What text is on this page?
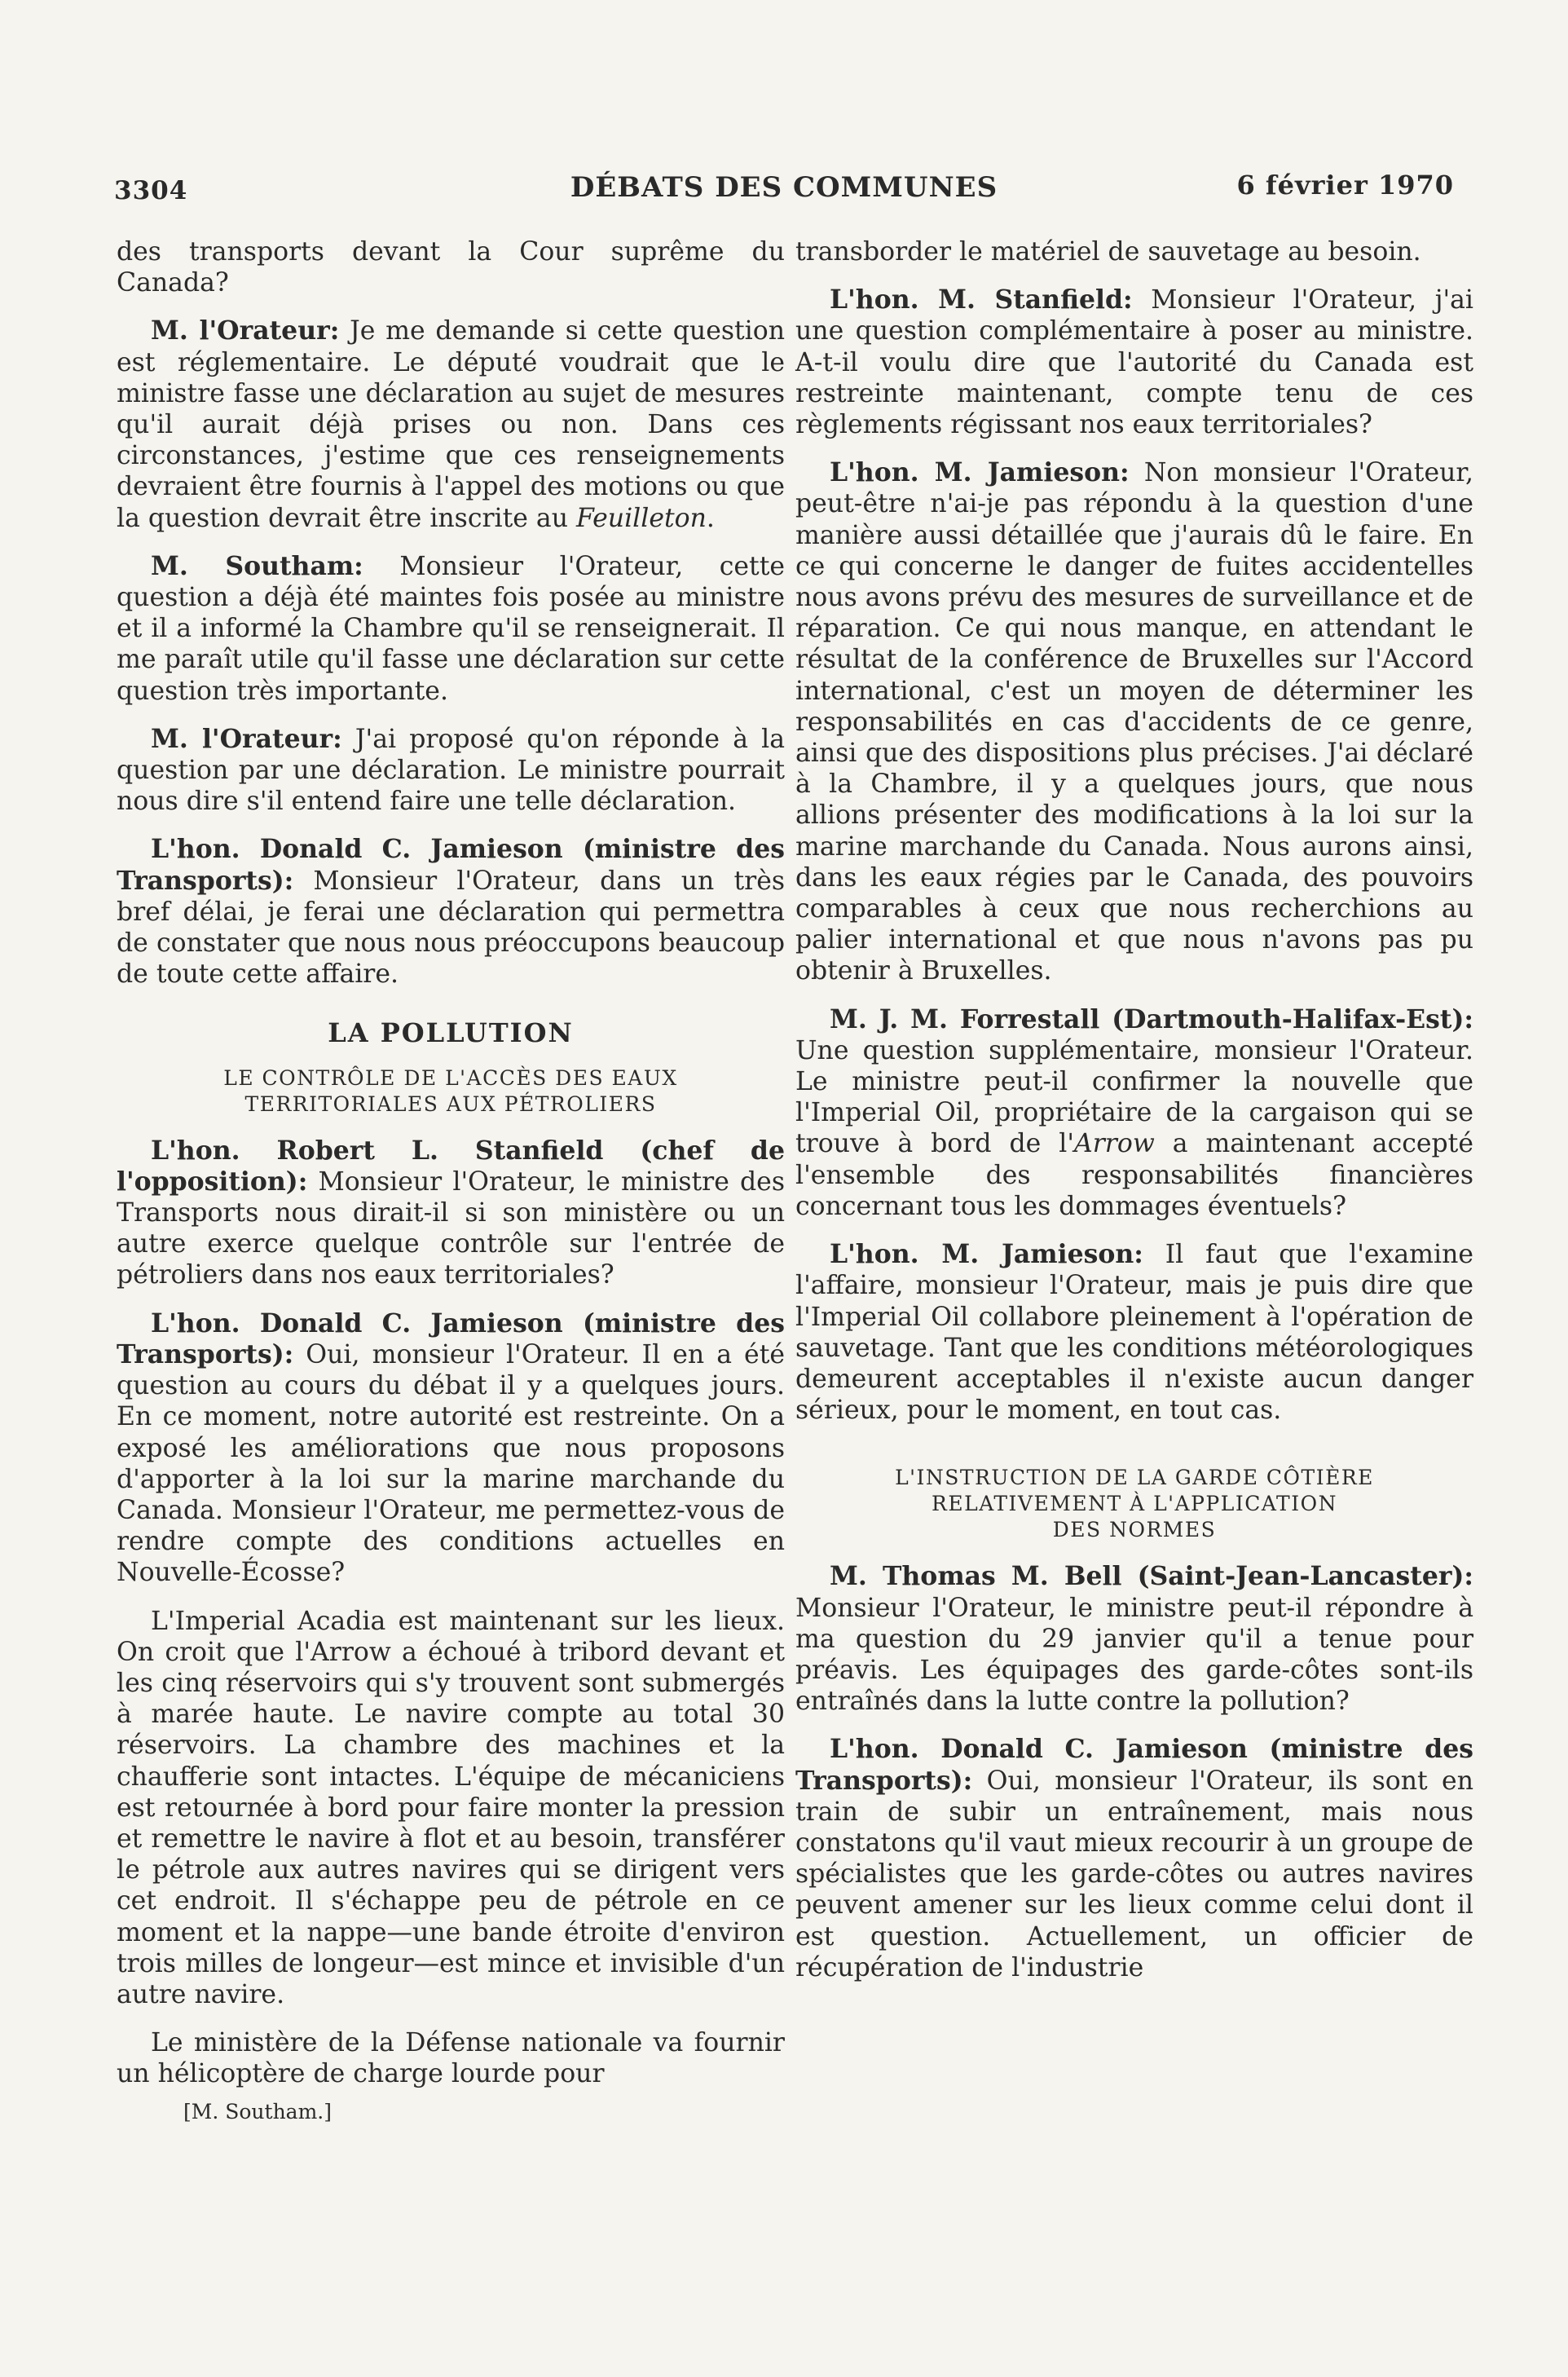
3304	DÉBATS DES COMMUNES	6 février 1970

des transports devant la Cour suprême du Canada?

M. l'Orateur: Je me demande si cette question est réglementaire. Le député voudrait que le ministre fasse une déclaration au sujet de mesures qu'il aurait déjà prises ou non. Dans ces circonstances, j'estime que ces renseignements devraient être fournis à l'appel des motions ou que la question devrait être inscrite au Feuilleton.

M. Southam: Monsieur l'Orateur, cette question a déjà été maintes fois posée au ministre et il a informé la Chambre qu'il se renseignerait. Il me paraît utile qu'il fasse une déclaration sur cette question très importante.

M. l'Orateur: J'ai proposé qu'on réponde à la question par une déclaration. Le ministre pourrait nous dire s'il entend faire une telle déclaration.

L'hon. Donald C. Jamieson (ministre des Transports): Monsieur l'Orateur, dans un très bref délai, je ferai une déclaration qui permettra de constater que nous nous préoccupons beaucoup de toute cette affaire.

LA POLLUTION
LE CONTRÔLE DE L'ACCÈS DES EAUX
TERRITORIALES AUX PÉTROLIERS

L'hon. Robert L. Stanfield (chef de l'opposition): Monsieur l'Orateur, le ministre des Transports nous dirait-il si son ministère ou un autre exerce quelque contrôle sur l'entrée de pétroliers dans nos eaux territoriales?

L'hon. Donald C. Jamieson (ministre des Transports): Oui, monsieur l'Orateur. Il en a été question au cours du débat il y a quelques jours. En ce moment, notre autorité est restreinte. On a exposé les améliorations que nous proposons d'apporter à la loi sur la marine marchande du Canada. Monsieur l'Orateur, me permettez-vous de rendre compte des conditions actuelles en Nouvelle-Écosse?

L'Imperial Acadia est maintenant sur les lieux. On croit que l'Arrow a échoué à tribord devant et les cinq réservoirs qui s'y trouvent sont submergés à marée haute. Le navire compte au total 30 réservoirs. La chambre des machines et la chaufferie sont intactes. L'équipe de mécaniciens est retournée à bord pour faire monter la pression et remettre le navire à flot et au besoin, transférer le pétrole aux autres navires qui se dirigent vers cet endroit. Il s'échappe peu de pétrole en ce moment et la nappe—une bande étroite d'environ trois milles de longeur—est mince et invisible d'un autre navire.

Le ministère de la Défense nationale va fournir un hélicoptère de charge lourde pour

[M. Southam.]

transborder le matériel de sauvetage au besoin.

L'hon. M. Stanfield: Monsieur l'Orateur, j'ai une question complémentaire à poser au ministre. A-t-il voulu dire que l'autorité du Canada est restreinte maintenant, compte tenu de ces règlements régissant nos eaux territoriales?

L'hon. M. Jamieson: Non monsieur l'Orateur, peut-être n'ai-je pas répondu à la question d'une manière aussi détaillée que j'aurais dû le faire. En ce qui concerne le danger de fuites accidentelles nous avons prévu des mesures de surveillance et de réparation. Ce qui nous manque, en attendant le résultat de la conférence de Bruxelles sur l'Accord international, c'est un moyen de déterminer les responsabilités en cas d'accidents de ce genre, ainsi que des dispositions plus précises. J'ai déclaré à la Chambre, il y a quelques jours, que nous allions présenter des modifications à la loi sur la marine marchande du Canada. Nous aurons ainsi, dans les eaux régies par le Canada, des pouvoirs comparables à ceux que nous recherchions au palier international et que nous n'avons pas pu obtenir à Bruxelles.

M. J. M. Forrestall (Dartmouth-Halifax-Est): Une question supplémentaire, monsieur l'Orateur. Le ministre peut-il confirmer la nouvelle que l'Imperial Oil, propriétaire de la cargaison qui se trouve à bord de l'Arrow a maintenant accepté l'ensemble des responsabilités financières concernant tous les dommages éventuels?

L'hon. M. Jamieson: Il faut que l'examine l'affaire, monsieur l'Orateur, mais je puis dire que l'Imperial Oil collabore pleinement à l'opération de sauvetage. Tant que les conditions météorologiques demeurent acceptables il n'existe aucun danger sérieux, pour le moment, en tout cas.

L'INSTRUCTION DE LA GARDE CÔTIÈRE
RELATIVEMENT À L'APPLICATION
DES NORMES

M. Thomas M. Bell (Saint-Jean-Lancaster): Monsieur l'Orateur, le ministre peut-il répondre à ma question du 29 janvier qu'il a tenue pour préavis. Les équipages des garde-côtes sont-ils entraînés dans la lutte contre la pollution?

L'hon. Donald C. Jamieson (ministre des Transports): Oui, monsieur l'Orateur, ils sont en train de subir un entraînement, mais nous constatons qu'il vaut mieux recourir à un groupe de spécialistes que les garde-côtes ou autres navires peuvent amener sur les lieux comme celui dont il est question. Actuellement, un officier de récupération de l'industrie
